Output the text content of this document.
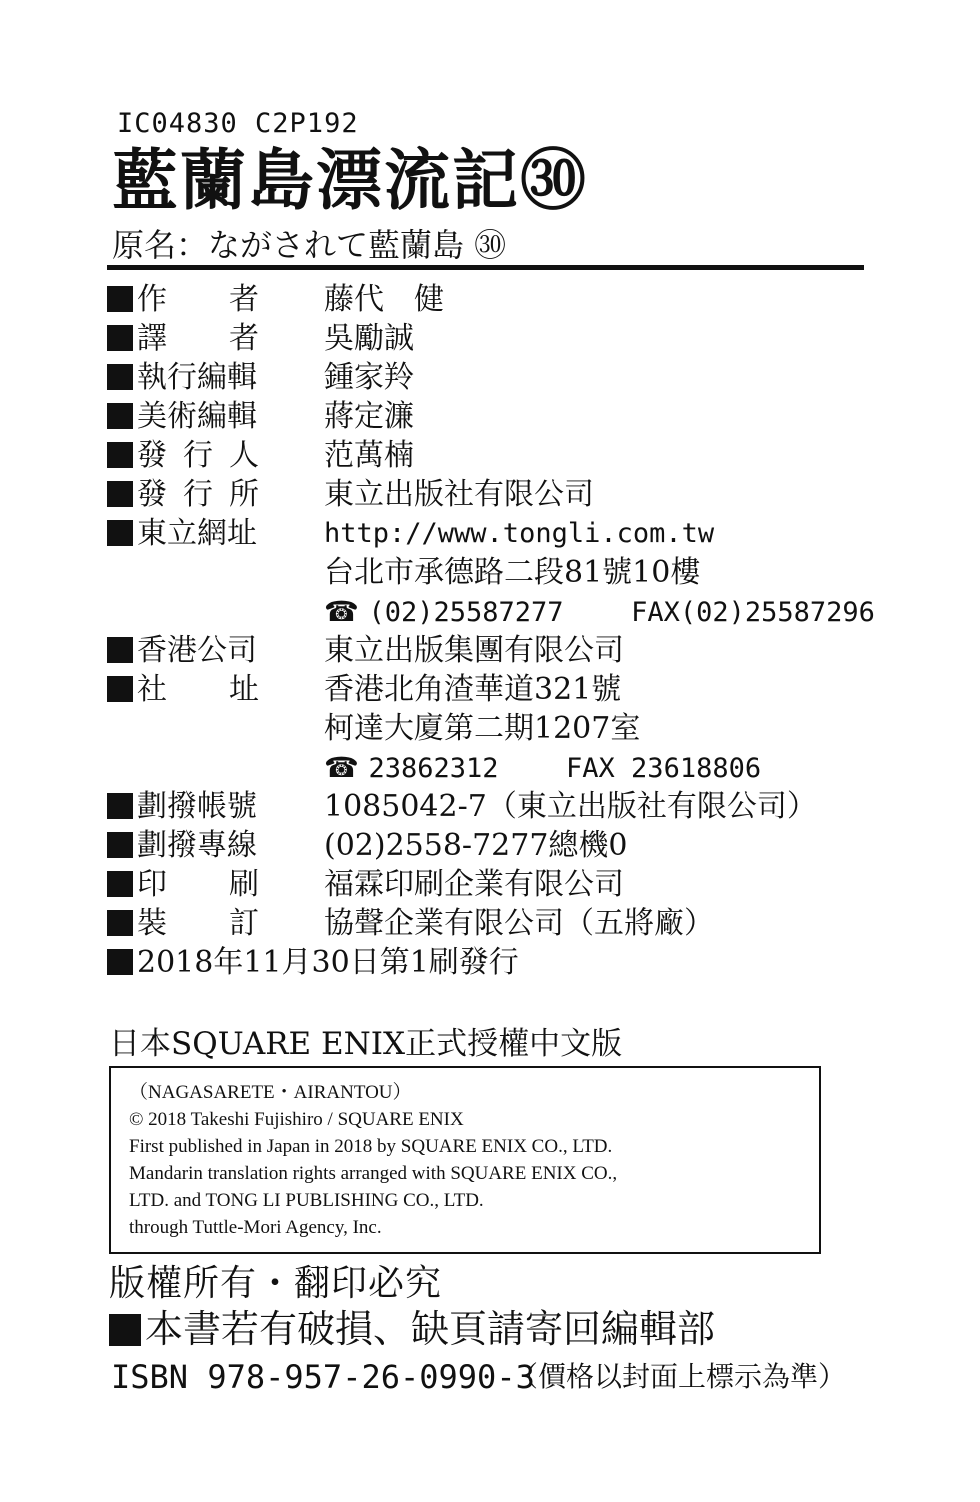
IC04830 C2P192
藍蘭島漂流記㉚
原名：ながされて藍蘭島 ㉚
作　者 藤代　健
譯　者 吳勵誠
執行編輯 鍾家羚
美術編輯 蔣定濂
發 行 人 范萬楠
發 行 所 東立出版社有限公司
東立網址 http://www.tongli.com.tw
台北市承德路二段81號10樓
☎ (02)25587277	FAX(02)25587296
香港公司 東立出版集團有限公司
社　址 香港北角渣華道321號
柯達大廈第二期1207室
☎ 23862312	FAX 23618806
劃撥帳號 1085042-7（東立出版社有限公司）
劃撥專線 (02)2558-7277總機0
印　刷 福霖印刷企業有限公司
裝　訂 協聲企業有限公司（五將廠）
2018年11月30日第1刷發行
日本SQUARE ENIX正式授權中文版
（NAGASARETE・AIRANTOU）
© 2018 Takeshi Fujishiro / SQUARE ENIX
First published in Japan in 2018 by SQUARE ENIX CO., LTD.
Mandarin translation rights arranged with SQUARE ENIX CO.,
LTD. and TONG LI PUBLISHING CO., LTD.
through Tuttle-Mori Agency, Inc.
版權所有・翻印必究
本書若有破損、缺頁請寄回編輯部
ISBN 978-957-26-0990-3
（價格以封面上標示為準）
